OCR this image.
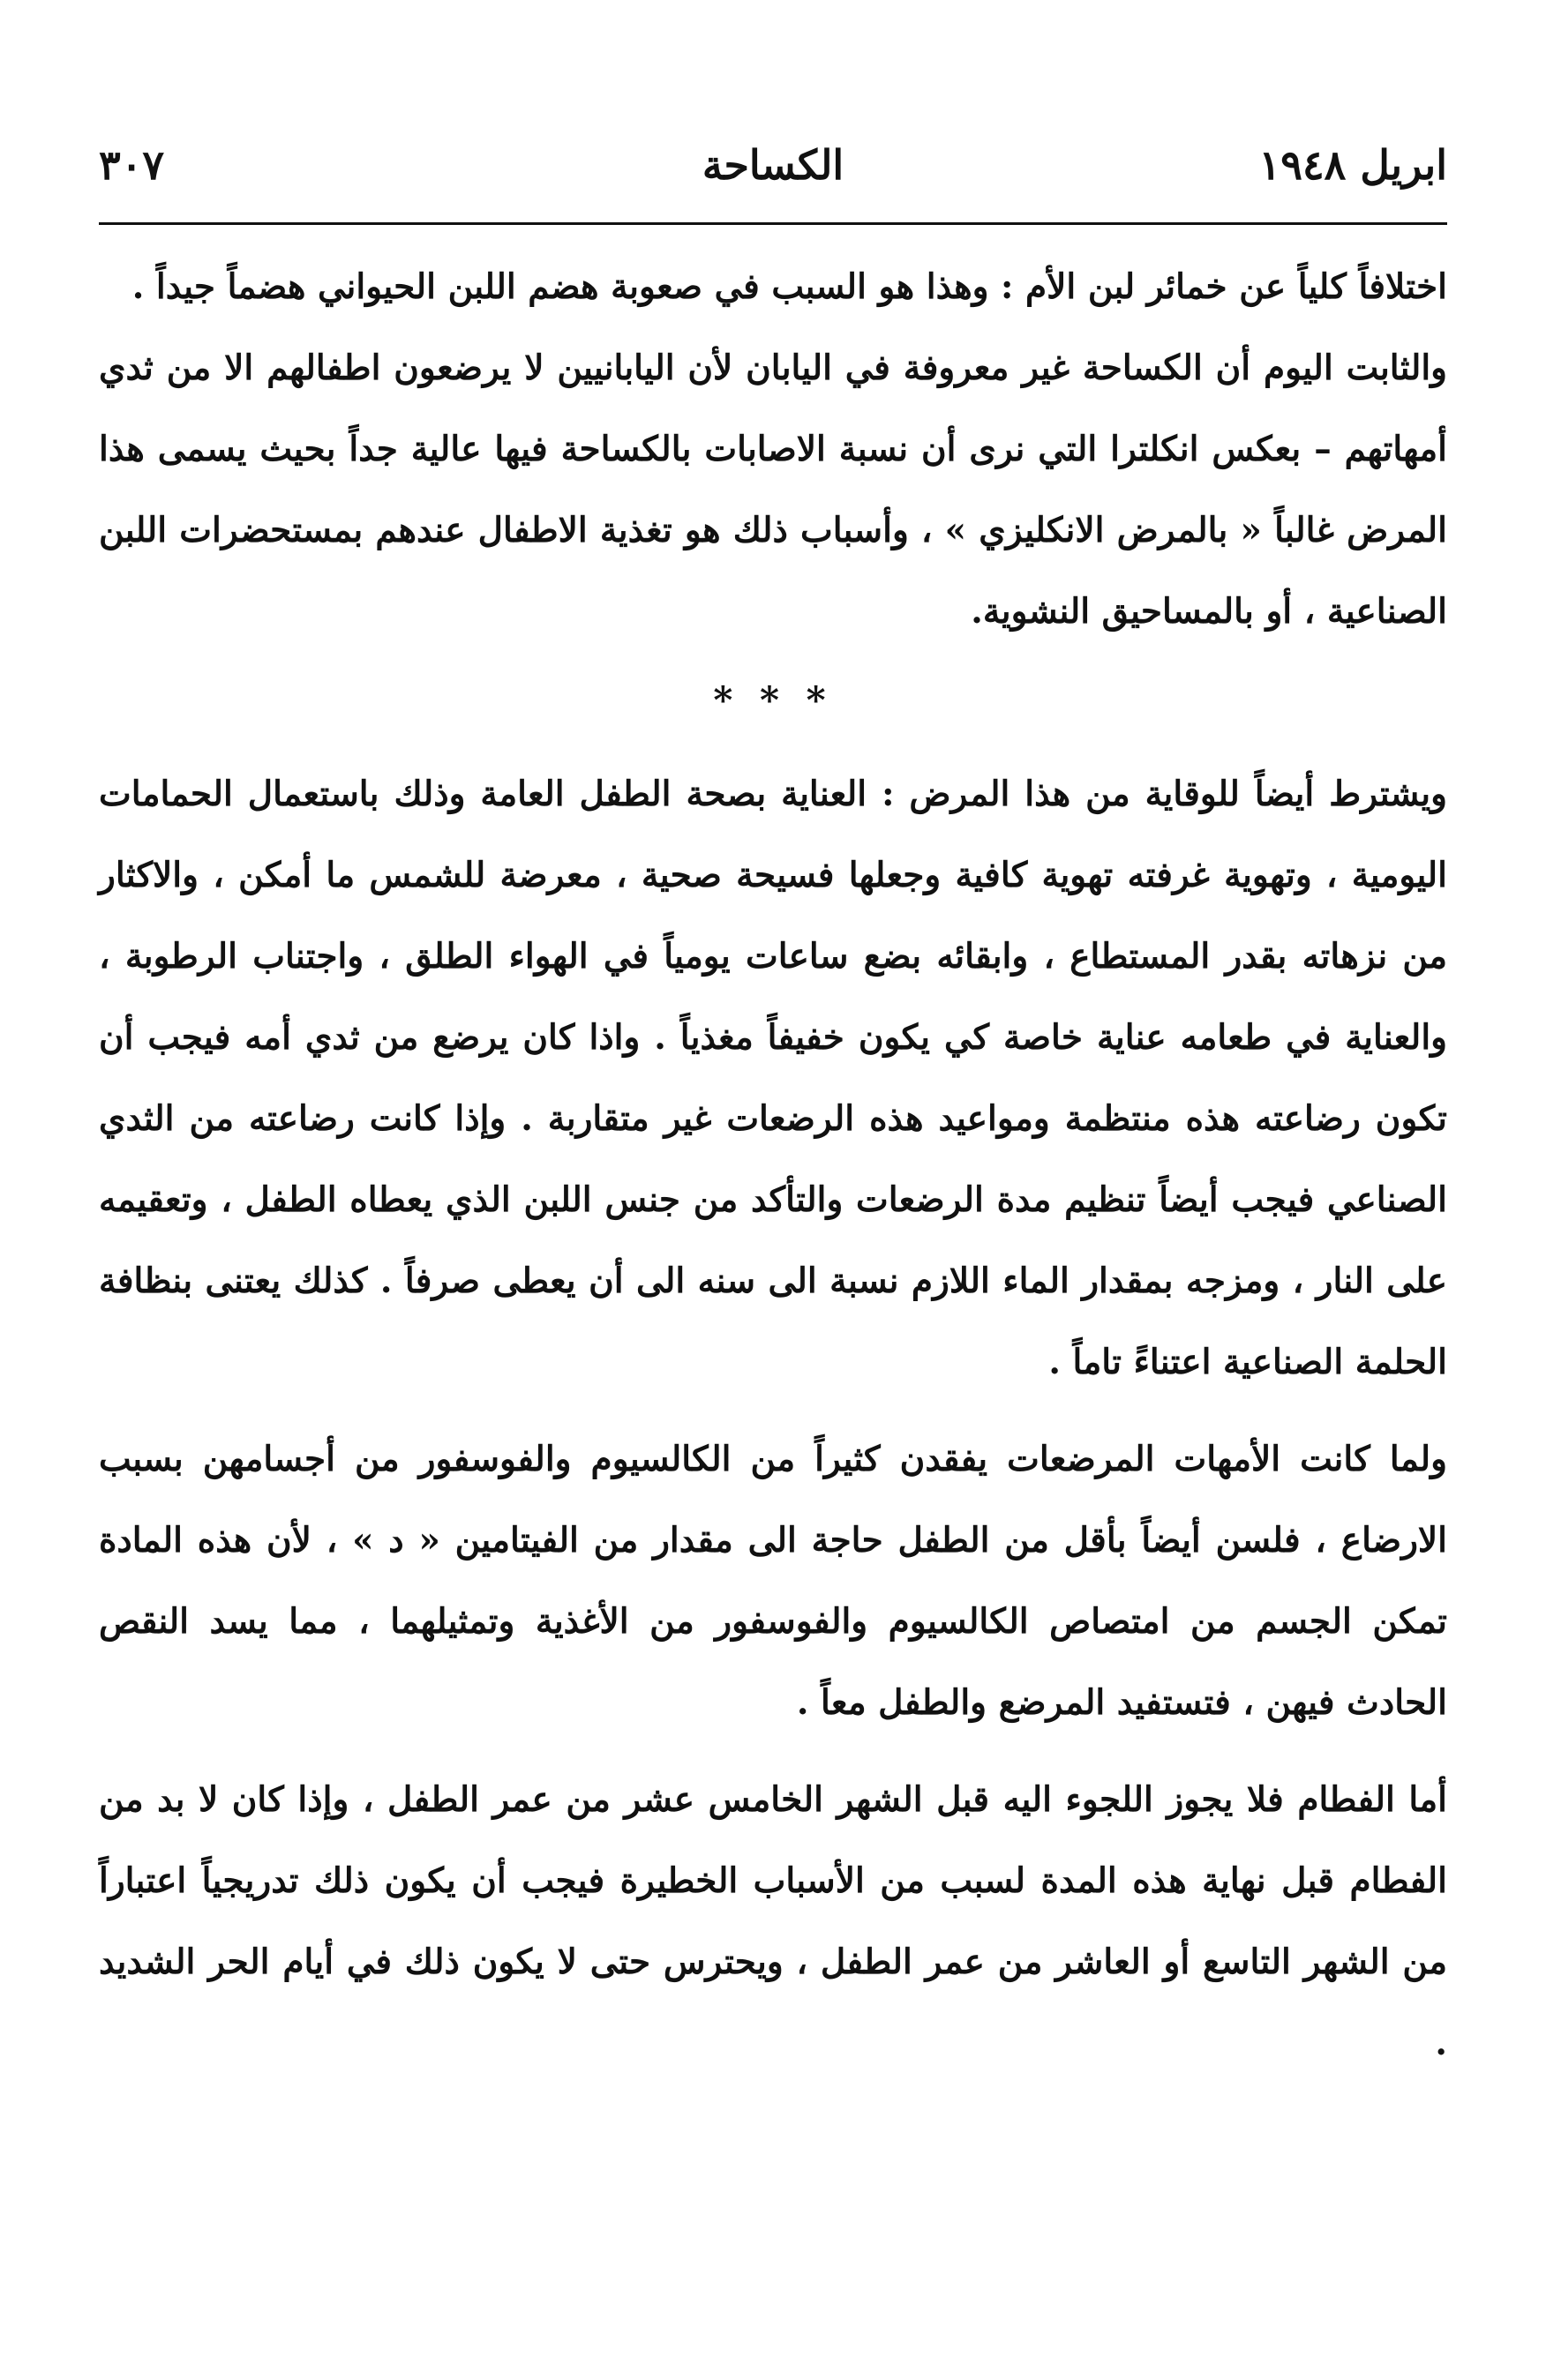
ابريل ١٩٤٨
الكساحة
٣٠٧

اختلافاً كلياً عن خمائر لبن الأم : وهذا هو السبب في صعوبة هضم اللبن الحيواني هضماً جيداً .

والثابت اليوم أن الكساحة غير معروفة في اليابان لأن اليابانيين لا يرضعون اطفالهم الا من ثدي أمهاتهم – بعكس انكلترا التي نرى أن نسبة الاصابات بالكساحة فيها عالية جداً بحيث يسمى هذا المرض غالباً « بالمرض الانكليزي » ، وأسباب ذلك هو تغذية الاطفال عندهم بمستحضرات اللبن الصناعية ، أو بالمساحيق النشوية.

* * *

ويشترط أيضاً للوقاية من هذا المرض : العناية بصحة الطفل العامة وذلك باستعمال الحمامات اليومية ، وتهوية غرفته تهوية كافية وجعلها فسيحة صحية ، معرضة للشمس ما أمكن ، والاكثار من نزهاته بقدر المستطاع ، وابقائه بضع ساعات يومياً في الهواء الطلق ، واجتناب الرطوبة ، والعناية في طعامه عناية خاصة كي يكون خفيفاً مغذياً . واذا كان يرضع من ثدي أمه فيجب أن تكون رضاعته هذه منتظمة ومواعيد هذه الرضعات غير متقاربة . وإذا كانت رضاعته من الثدي الصناعي فيجب أيضاً تنظيم مدة الرضعات والتأكد من جنس اللبن الذي يعطاه الطفل ، وتعقيمه على النار ، ومزجه بمقدار الماء اللازم نسبة الى سنه الى أن يعطى صرفاً . كذلك يعتنى بنظافة الحلمة الصناعية اعتناءً تاماً .

ولما كانت الأمهات المرضعات يفقدن كثيراً من الكالسيوم والفوسفور من أجسامهن بسبب الارضاع ، فلسن أيضاً بأقل من الطفل حاجة الى مقدار من الفيتامين « د » ، لأن هذه المادة تمكن الجسم من امتصاص الكالسيوم والفوسفور من الأغذية وتمثيلهما ، مما يسد النقص الحادث فيهن ، فتستفيد المرضع والطفل معاً .

أما الفطام فلا يجوز اللجوء اليه قبل الشهر الخامس عشر من عمر الطفل ، وإذا كان لا بد من الفطام قبل نهاية هذه المدة لسبب من الأسباب الخطيرة فيجب أن يكون ذلك تدريجياً اعتباراً من الشهر التاسع أو العاشر من عمر الطفل ، ويحترس حتى لا يكون ذلك في أيام الحر الشديد .
